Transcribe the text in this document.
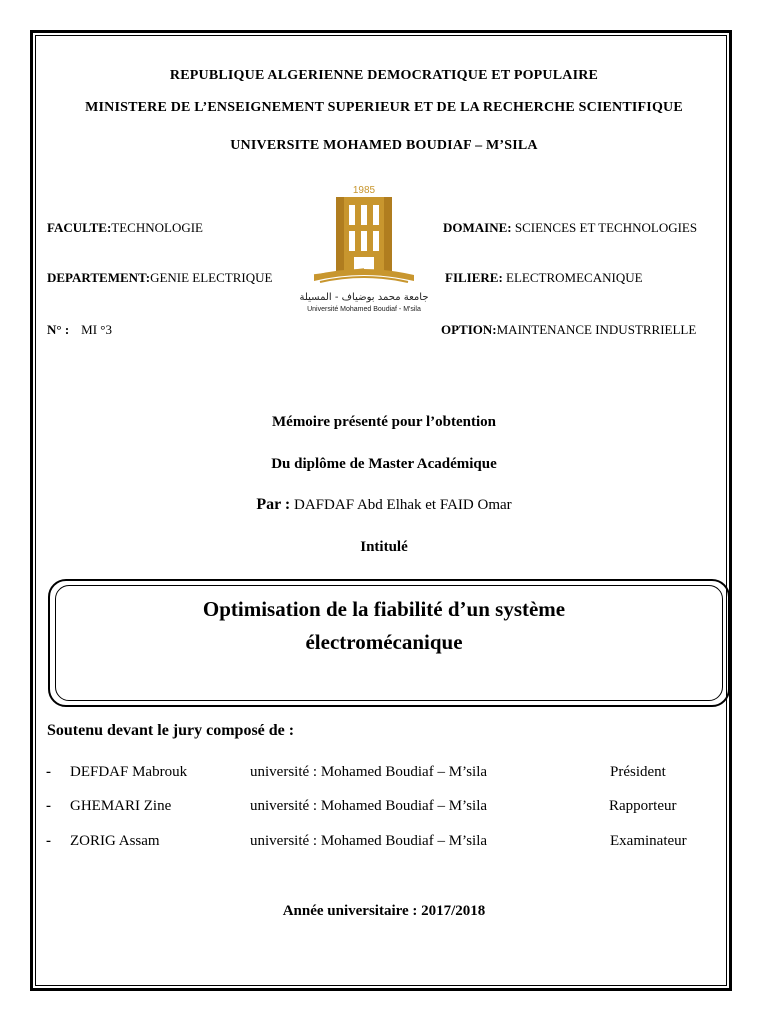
REPUBLIQUE ALGERIENNE DEMOCRATIQUE ET POPULAIRE
MINISTERE DE L’ENSEIGNEMENT SUPERIEUR ET DE LA RECHERCHE SCIENTIFIQUE
UNIVERSITE MOHAMED BOUDIAF – M’SILA
1985
جامعة محمد بوضياف - المسيلة
Université Mohamed Boudiaf - M'sila
FACULTE:TECHNOLOGIE	DOMAINE: SCIENCES ET TECHNOLOGIES
DEPARTEMENT:GENIE ELECTRIQUE	FILIERE: ELECTROMECANIQUE
N° : MI °3	OPTION:MAINTENANCE INDUSTRRIELLE
Mémoire présenté pour l’obtention
Du diplôme de Master Académique
Par : DAFDAF Abd Elhak et FAID Omar
Intitulé
Optimisation de la fiabilité d’un système
électromécanique
Soutenu devant le jury composé de :
- DEFDAF Mabrouk	université : Mohamed Boudiaf – M’sila	Président
- GHEMARI Zine	université : Mohamed Boudiaf – M’sila	Rapporteur
- ZORIG Assam	université : Mohamed Boudiaf – M’sila	Examinateur
Année universitaire : 2017/2018
